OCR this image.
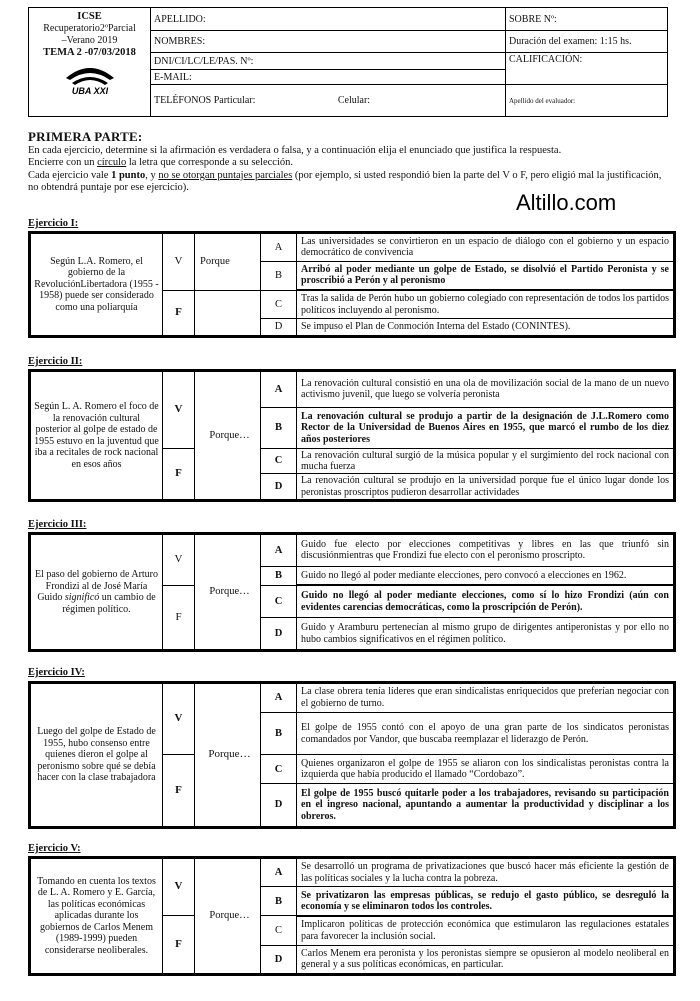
ICSE
Recuperatorio2ºParcial
–Verano 2019
TEMA 2 -07/03/2018
UBA XXI	APELLIDO:	SOBRE Nº:
	NOMBRES:	Duración del examen: 1:15 hs.
	DNI/CI/LC/LE/PAS. Nº:	CALIFICACIÓN:
	E-MAIL:	
	TELÉFONOS Particular: Celular:	Apellido del evaluador:
PRIMERA PARTE:

En cada ejercicio, determine si la afirmación es verdadera o falsa, y a continuación elija el enunciado que justifica la respuesta.

Encierre con un círculo la letra que corresponde a su selección.

Cada ejercicio vale 1 punto, y no se otorgan puntajes parciales (por ejemplo, si usted respondió bien la parte del V o F, pero eligió mal la justificación, no obtendrá puntaje por ese ejercicio).

Altillo.com
Ejercicio I:
Según L.A. Romero, el gobierno de la RevoluciónLibertadora (1955 - 1958) puede ser considerado como una poliarquía	V	Porque	A	Las universidades se convirtieron en un espacio de diálogo con el gobierno y un espacio democrático de convivencia
			B	Arribó al poder mediante un golpe de Estado, se disolvió el Partido Peronista y se proscribió a Perón y al peronismo
	F		C	Tras la salida de Perón hubo un gobierno colegiado con representación de todos los partidos políticos incluyendo al peronismo.
			D	Se impuso el Plan de Conmoción Interna del Estado (CONINTES).
Ejercicio II:
Según L. A. Romero el foco de la renovación cultural posterior al golpe de estado de 1955 estuvo en la juventud que iba a recitales de rock nacional en esos años	V	Porque…	A	La renovación cultural consistió en una ola de movilización social de la mano de un nuevo activismo juvenil, que luego se volvería peronista
			B	La renovación cultural se produjo a partir de la designación de J.L.Romero como Rector de la Universidad de Buenos Aires en 1955, que marcó el rumbo de los diez años posteriores
	F		C	La renovación cultural surgió de la música popular y el surgimiento del rock nacional con mucha fuerza
			D	La renovación cultural se produjo en la universidad porque fue el único lugar donde los peronistas proscriptos pudieron desarrollar actividades
Ejercicio III:
El paso del gobierno de Arturo Frondizi al de José María Guido significó un cambio de régimen político.	V	Porque…	A	Guido fue electo por elecciones competitivas y libres en las que triunfó sin discusiónmientras que Frondizi fue electo con el peronismo proscripto.
			B	Guido no llegó al poder mediante elecciones, pero convocó a elecciones en 1962.
	F		C	Guido no llegó al poder mediante elecciones, como sí lo hizo Frondizi (aún con evidentes carencias democráticas, como la proscripción de Perón).
			D	Guido y Aramburu pertenecían al mismo grupo de dirigentes antiperonistas y por ello no hubo cambios significativos en el régimen político.
Ejercicio IV:
Luego del golpe de Estado de 1955, hubo consenso entre quienes dieron el golpe al peronismo sobre qué se debía hacer con la clase trabajadora	V	Porque…	A	La clase obrera tenía líderes que eran sindicalistas enriquecidos que preferían negociar con el gobierno de turno.
			B	El golpe de 1955 contó con el apoyo de una gran parte de los sindicatos peronistas comandados por Vandor, que buscaba reemplazar el liderazgo de Perón.
	F		C	Quienes organizaron el golpe de 1955 se aliaron con los sindicalistas peronistas contra la izquierda que había producido el llamado “Cordobazo”.
			D	El golpe de 1955 buscó quitarle poder a los trabajadores, revisando su participación en el ingreso nacional, apuntando a aumentar la productividad y disciplinar a los obreros.
Ejercicio V:
Tomando en cuenta los textos de L. A. Romero y E. García, las políticas económicas aplicadas durante los gobiernos de Carlos Menem (1989-1999) pueden considerarse neoliberales.	V	Porque…	A	Se desarrolló un programa de privatizaciones que buscó hacer más eficiente la gestión de las políticas sociales y la lucha contra la pobreza.
			B	Se privatizaron las empresas públicas, se redujo el gasto público, se desreguló la economía y se eliminaron todos los controles.
	F		C	Implicaron políticas de protección económica que estimularon las regulaciones estatales para favorecer la inclusión social.
			D	Carlos Menem era peronista y los peronistas siempre se opusieron al modelo neoliberal en general y a sus políticas económicas, en particular.
